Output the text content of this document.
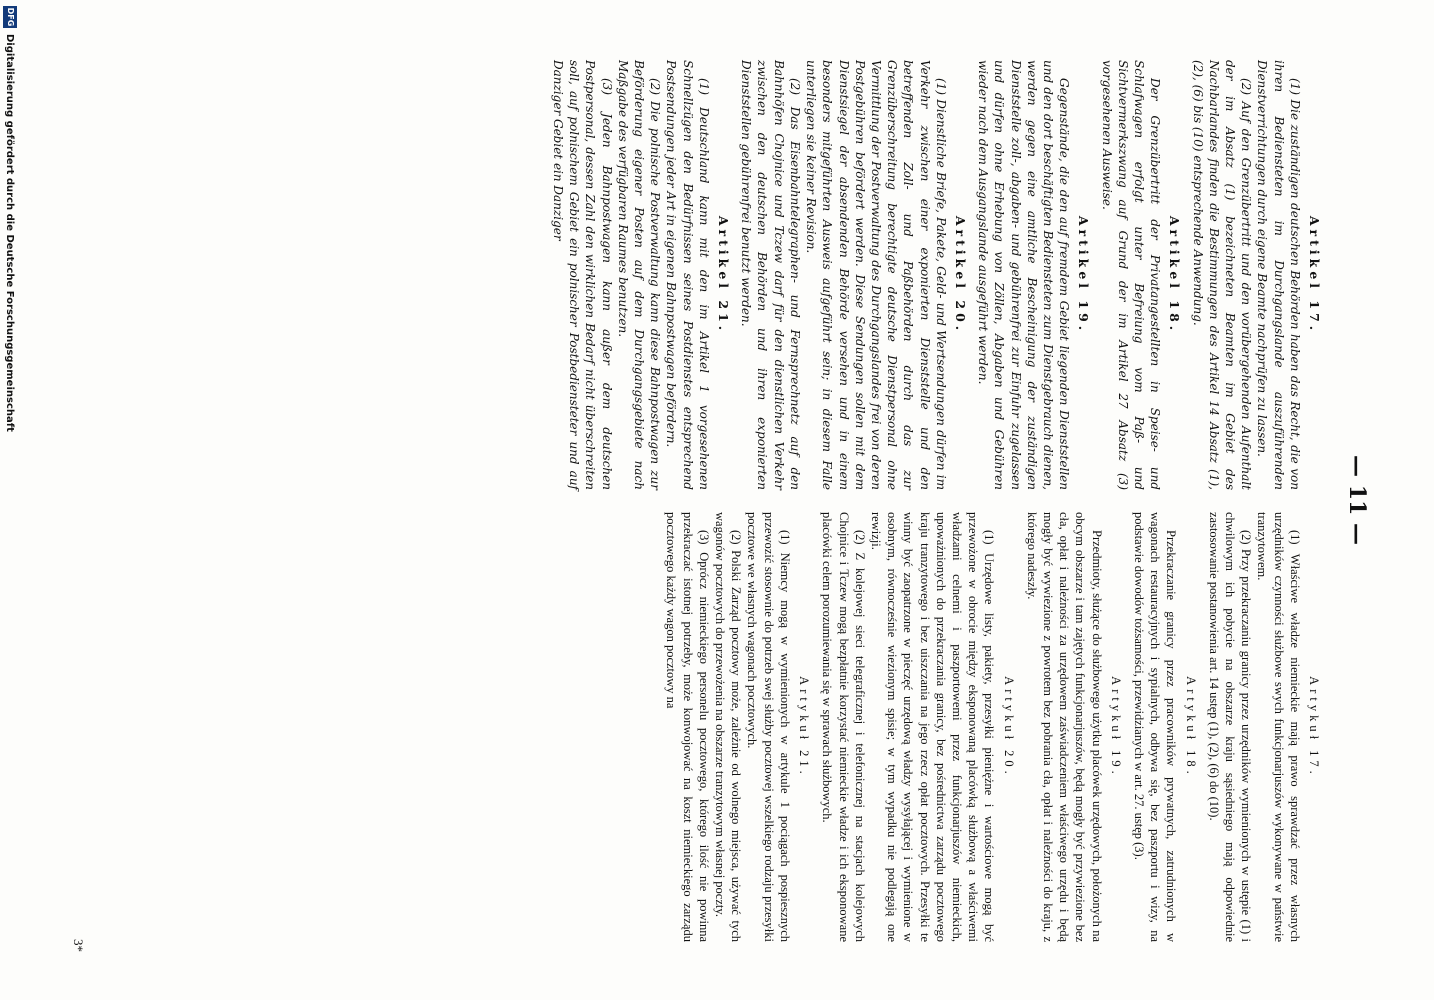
— 11 —
Artikel 17.

(1) Die zuständigen deutschen Behörden haben das Recht, die von ihren Bediensteten im Durchgangslande auszuführenden Dienstverrichtungen durch eigene Beamte nachprüfen zu lassen.

(2) Auf den Grenzübertritt und den vorübergehenden Aufenthalt der im Absatz (1) bezeichneten Beamten im Gebiet des Nachbarlandes finden die Bestimmungen des Artikel 14 Absatz (1), (2), (6) bis (10) entsprechende Anwendung.

Artikel 18.

Der Grenzübertritt der Privatangestellten in Speise- und Schlafwagen erfolgt unter Befreiung vom Paß- und Sichtvermerkszwang auf Grund der im Artikel 27 Absatz (3) vorgesehenen Ausweise.

Artikel 19.

Gegenstände, die den auf fremdem Gebiet liegenden Dienststellen und den dort beschäftigten Bediensteten zum Dienstgebrauch dienen, werden gegen eine amtliche Bescheinigung der zuständigen Dienststelle zoll-, abgaben- und gebührenfrei zur Einfuhr zugelassen und dürfen ohne Erhebung von Zöllen, Abgaben und Gebühren wieder nach dem Ausgangslande ausgeführt werden.

Artikel 20.

(1) Dienstliche Briefe, Pakete, Geld- und Wertsendungen dürfen im Verkehr zwischen einer exponierten Dienststelle und den betreffenden Zoll- und Paßbehörden durch das zur Grenzüberschreitung berechtigte deutsche Dienstpersonal ohne Vermittlung der Postverwaltung des Durchgangslandes frei von deren Postgebühren befördert werden. Diese Sendungen sollen mit dem Dienstsiegel der absendenden Behörde versehen und in einem besonders mitgeführten Ausweis aufgeführt sein; in diesem Falle unterliegen sie keiner Revision.

(2) Das Eisenbahntelegraphen- und Fernsprechnetz auf den Bahnhöfen Chojnice und Tczew darf für den dienstlichen Verkehr zwischen den deutschen Behörden und ihren exponierten Dienststellen gebührenfrei benutzt werden.

Artikel 21.

(1) Deutschland kann mit den im Artikel 1 vorgesehenen Schnellzügen den Bedürfnissen seines Postdienstes entsprechend Postsendungen jeder Art in eigenen Bahnpostwagen befördern.

(2) Die polnische Postverwaltung kann diese Bahnpostwagen zur Beförderung eigener Posten auf dem Durchgangsgebiete nach Maßgabe des verfügbaren Raumes benutzen.

(3) Jeden Bahnpostwagen kann außer dem deutschen Postpersonal, dessen Zahl den wirklichen Bedarf nicht überschreiten soll, auf polnischem Gebiet ein polnischer Postbediensteter und auf Danziger Gebiet ein Danziger

Artykuł 17.

(1) Właściwe władze niemieckie mają prawo sprawdzać przez własnych urzędników czynności służbowe swych funkcjonarjuszów wykonywane w państwie tranzytowem.

(2) Przy przekraczaniu granicy przez urzędników wymienionych w ustępie (1) i chwilowym ich pobycie na obszarze kraju sąsiedniego mają odpowiednie zastosowanie postanowienia art. 14 ustęp (1), (2), (6) do (10).

Artykuł 18.

Przekraczanie granicy przez pracowników prywatnych, zatrudnionych w wagonach restauracyjnych i sypialnych, odbywa się, bez paszportu i wizy, na podstawie dowodów tożsamości, przewidzianych w art. 27. ustęp (3).

Artykuł 19.

Przedmioty, służące do służbowego użytku placówek urzędowych, położonych na obcym obszarze i tam zajętych funkcjonarjuszów, będą mogły być przywiezione bez cła, opłat i należności za urzędowem zaświadczeniem właściwego urzędu i będą mogły być wywiezione z powrotem bez pobrania cła, opłat i należności do kraju, z którego nadeszły.

Artykuł 20.

(1) Urzędowe listy, pakiety, przesyłki pieniężne i wartościowe mogą być przewożone w obrocie między eksponowaną placówką służbową a właściwemi władzami celnemi i paszportowemi przez funkcjonarjuszów niemieckich, upoważnionych do przekraczania granicy, bez pośrednictwa zarządu pocztowego kraju tranzytowego i bez uiszczania na jego rzecz opłat pocztowych. Przesyłki te winny być zaopatrzone w pieczęć urzędową władzy wysyłającej i wymienione w osobnym, równocześnie wiezionym spisie; w tym wypadku nie podlegają one rewizji.

(2) Z kolejowej sieci telegraficznej i telefonicznej na stacjach kolejowych Chojnice i Tczew mogą bezpłatnie korzystać niemieckie władze i ich eksponowane placówki celem porozumiewania się w sprawach służbowych.

Artykuł 21.

(1) Niemcy mogą w wymienionych w artykule 1 pociągach pospiesznych przewozić stosownie do potrzeb swej służby pocztowej wszelkiego rodzaju przesyłki pocztowe we własnych wagonach pocztowych.

(2) Polski Zarząd pocztowy może, zależnie od wolnego miejsca, używać tych wagonów pocztowych do przewożenia na obszarze tranzytowym własnej poczty.

(3) Oprócz niemieckiego personelu pocztowego, którego ilość nie powinna przekraczać istotnej potrzeby, może konwojować na koszt niemieckiego zarządu pocztowego każdy wagon pocztowy na

3*
DFG
Digitalisierung gefördert durch die Deutsche Forschungsgemeinschaft
